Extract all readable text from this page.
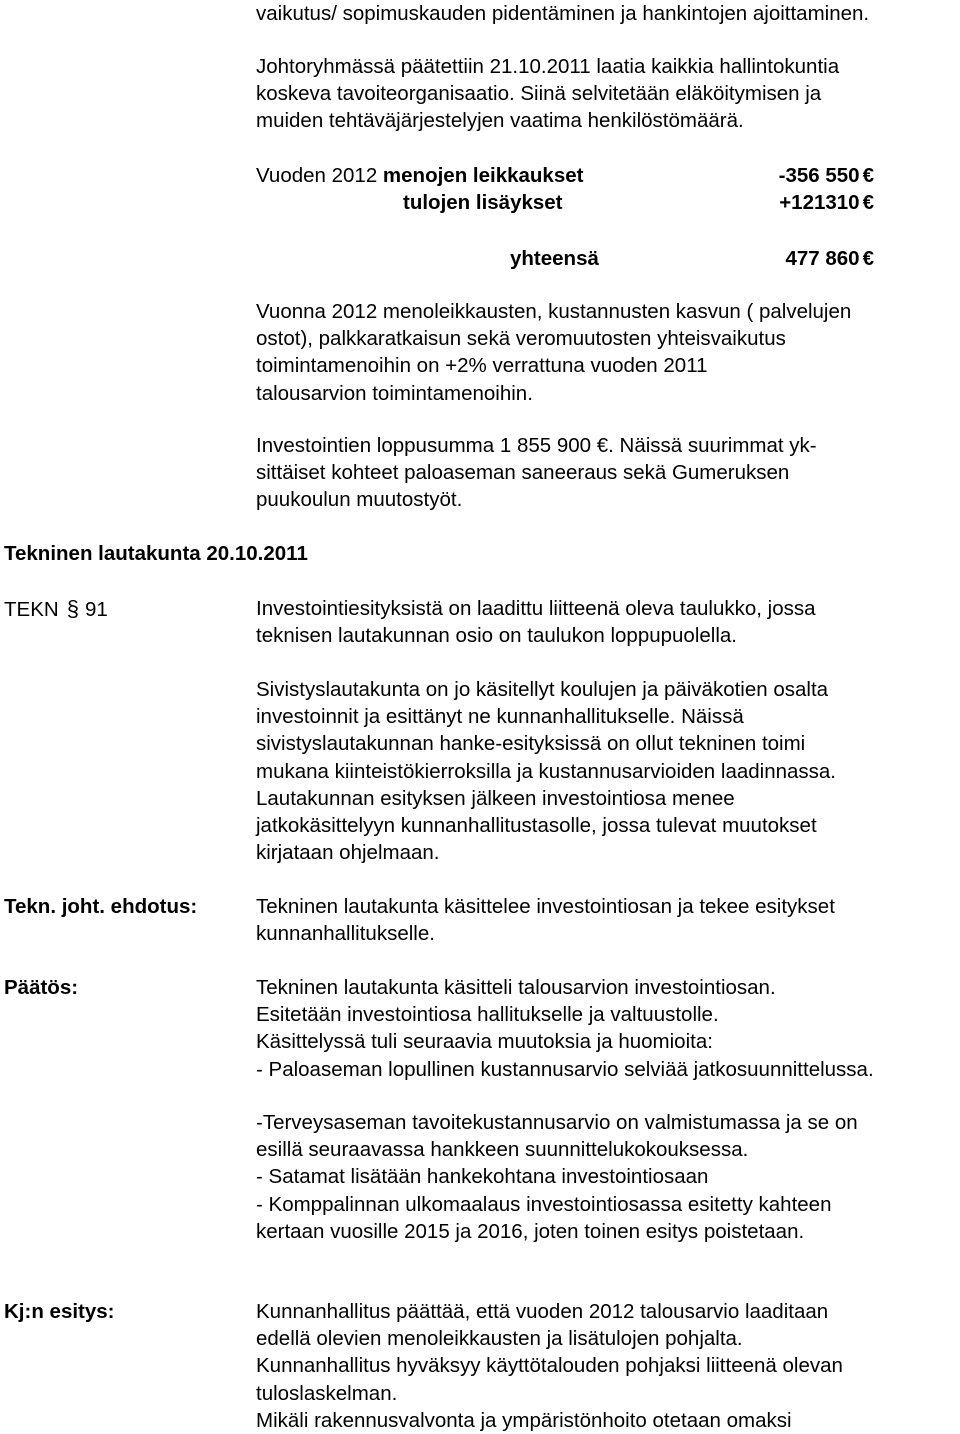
vaikutus/ sopimuskauden pidentäminen ja hankintojen ajoittaminen.
Johtoryhmässä päätettiin 21.10.2011 laatia kaikkia hallintokuntia
koskeva tavoiteorganisaatio. Siinä selvitetään eläköitymisen ja
muiden tehtäväjärjestelyjen vaatima henkilöstömäärä.
Vuoden 2012 menojen leikkaukset	-356 550 €
tulojen lisäykset	+121310 €
yhteensä	477 860 €
Vuonna 2012 menoleikkausten, kustannusten kasvun ( palvelujen
ostot), palkkaratkaisun sekä veromuutosten yhteisvaikutus
toimintamenoihin on +2% verrattuna vuoden 2011
talousarvion toimintamenoihin.
Investointien loppusumma 1 855 900 €. Näissä suurimmat yk-
sittäiset kohteet paloaseman saneeraus sekä Gumeruksen
puukoulun muutostyöt.
Tekninen lautakunta 20.10.2011
TEKN § 91	Investointiesityksistä on laadittu liitteenä oleva taulukko, jossa
teknisen lautakunnan osio on taulukon loppupuolella.
Sivistyslautakunta on jo käsitellyt koulujen ja päiväkotien osalta
investoinnit ja esittänyt ne kunnanhallitukselle. Näissä
sivistyslautakunnan hanke-esityksissä on ollut tekninen toimi
mukana kiinteistökierroksilla ja kustannusarvioiden laadinnassa.
Lautakunnan esityksen jälkeen investointiosa menee
jatkokäsittelyyn kunnanhallitustasolle, jossa tulevat muutokset
kirjataan ohjelmaan.
Tekn. joht. ehdotus:	Tekninen lautakunta käsittelee investointiosan ja tekee esitykset
kunnanhallitukselle.
Päätös:	Tekninen lautakunta käsitteli talousarvion investointiosan.
Esitetään investointiosa hallitukselle ja valtuustolle.
Käsittelyssä tuli seuraavia muutoksia ja huomioita:
- Paloaseman lopullinen kustannusarvio selviää jatkosuunnittelussa.
-Terveysaseman tavoitekustannusarvio on valmistumassa ja se on
esillä seuraavassa hankkeen suunnittelukokouksessa.
- Satamat lisätään hankekohtana investointiosaan
- Komppalinnan ulkomaalaus investointiosassa esitetty kahteen
kertaan vuosille 2015 ja 2016, joten toinen esitys poistetaan.
Kj:n esitys:	Kunnanhallitus päättää, että vuoden 2012 talousarvio laaditaan
edellä olevien menoleikkausten ja lisätulojen pohjalta.
Kunnanhallitus hyväksyy käyttötalouden pohjaksi liitteenä olevan
tuloslaskelman.
Mikäli rakennusvalvonta ja ympäristönhoito otetaan omaksi
